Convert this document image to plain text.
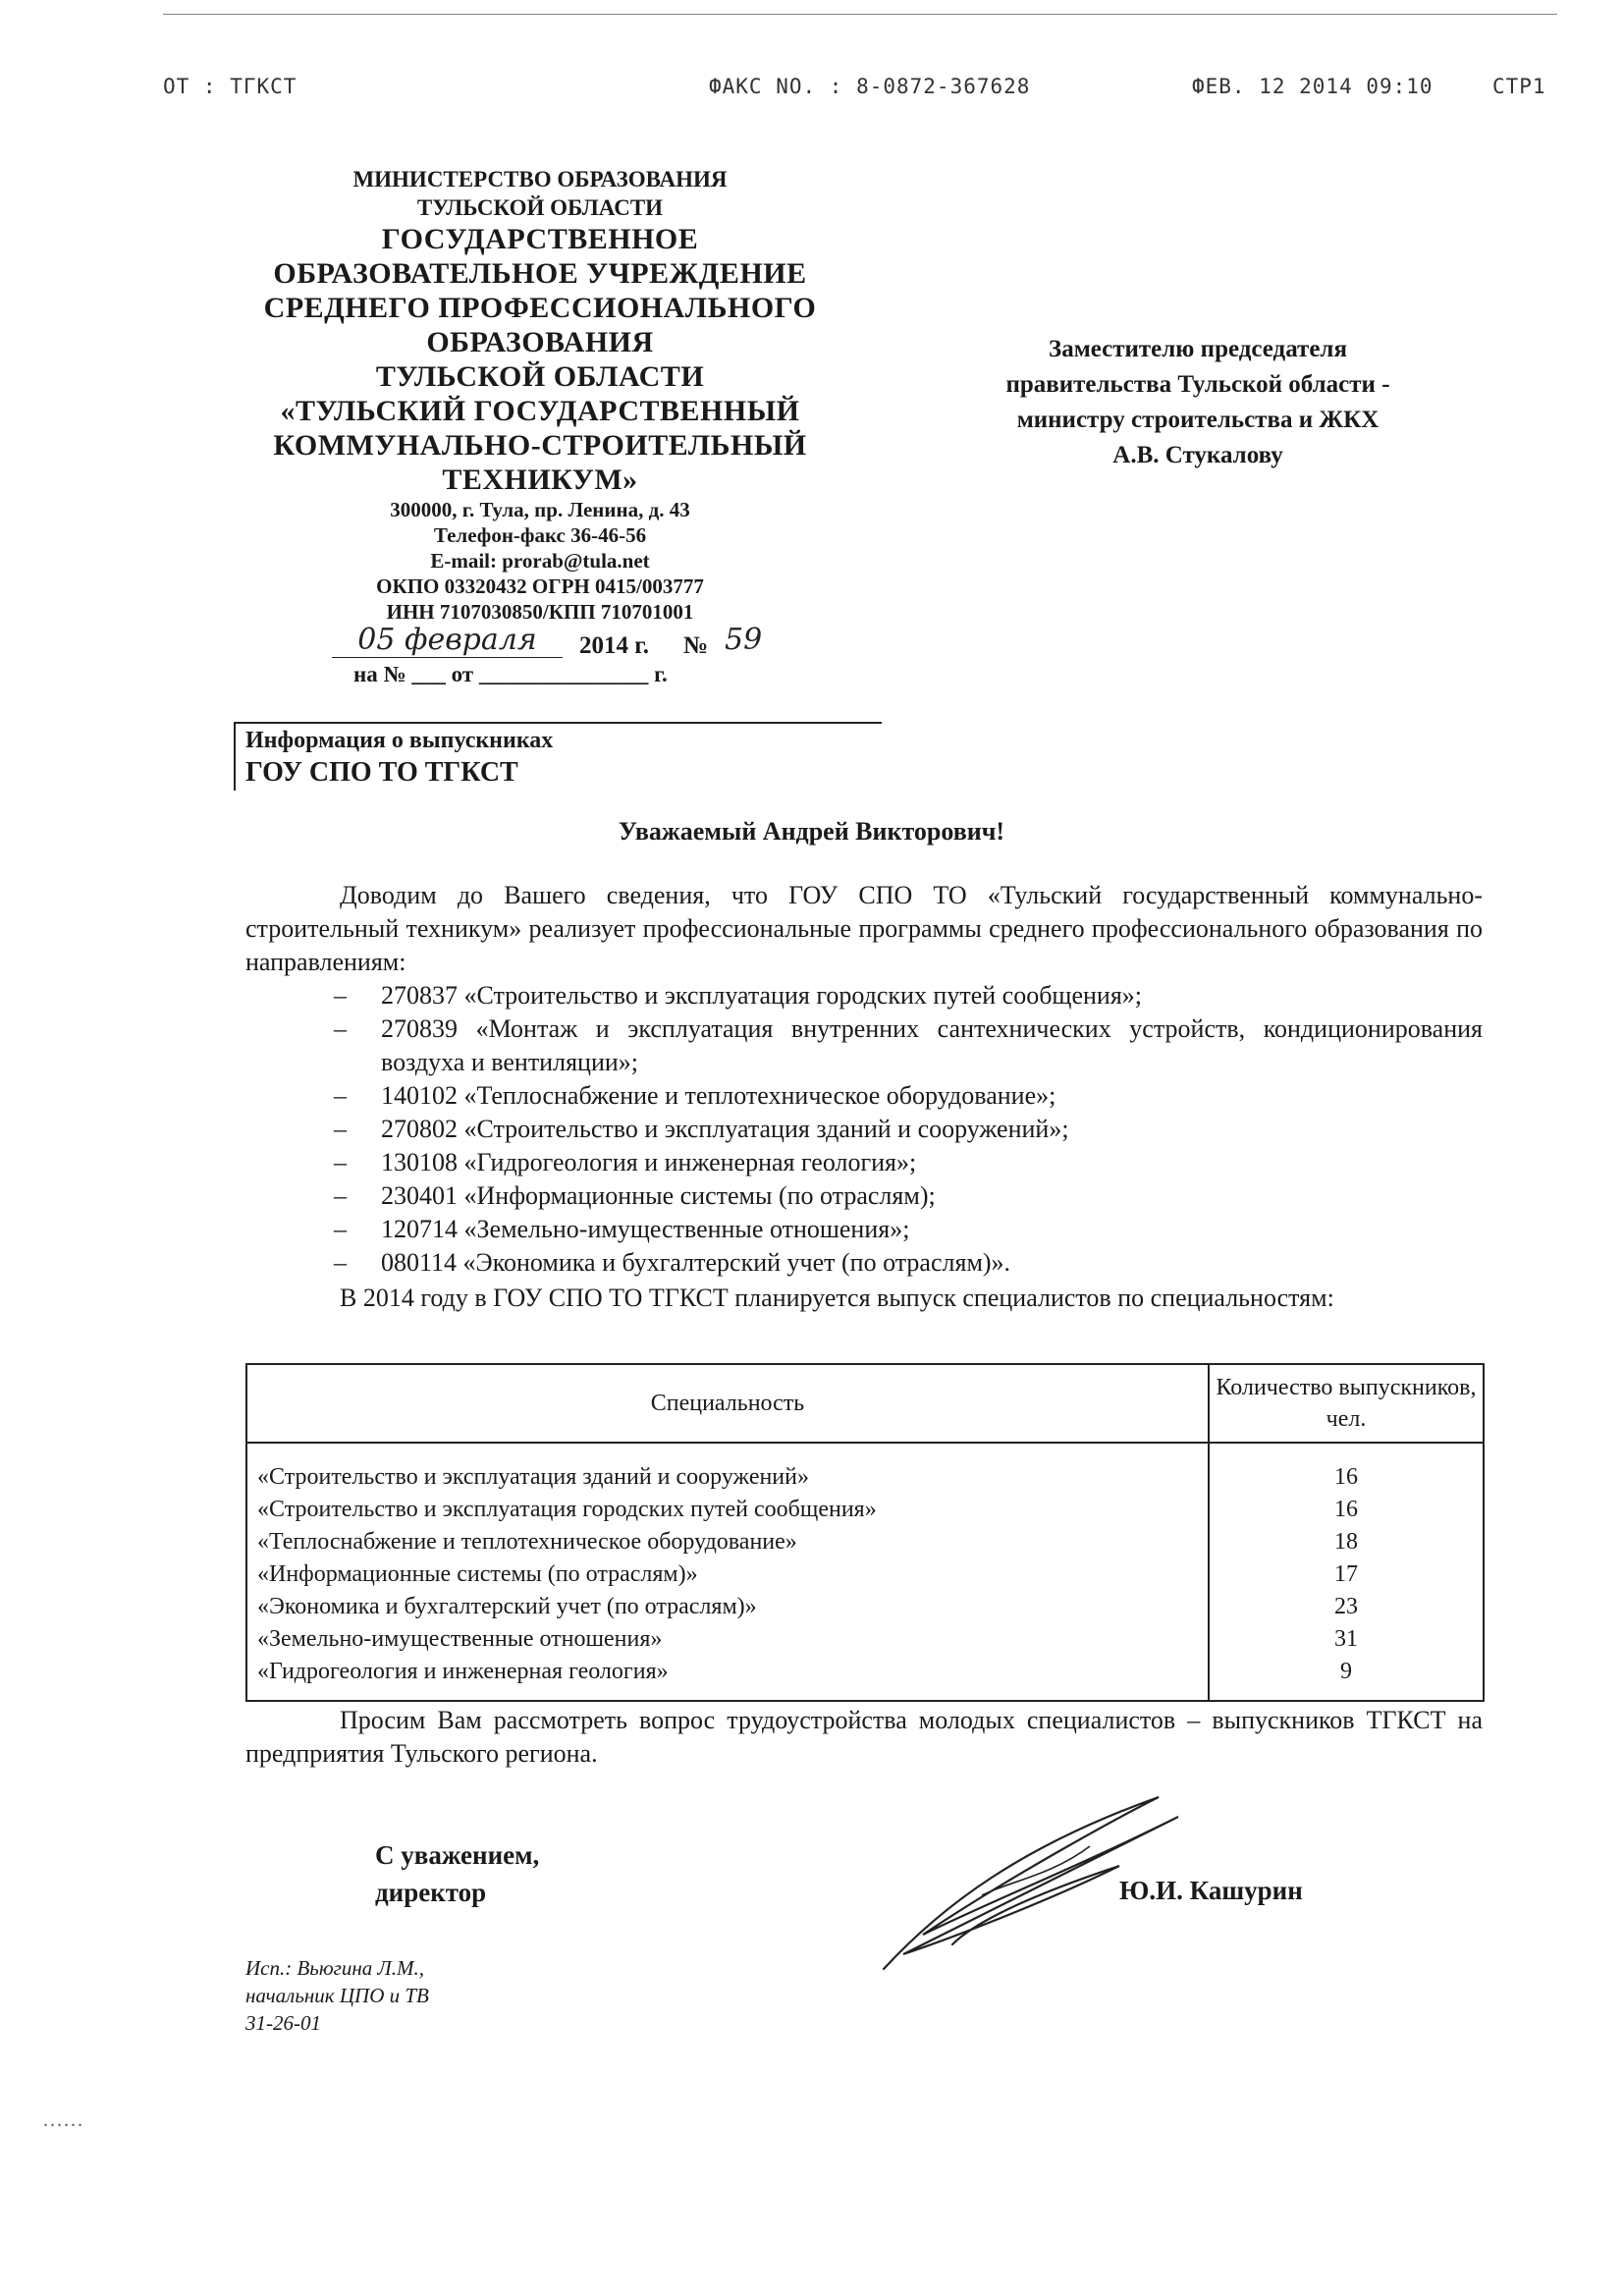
ОТ : ТГКСТ	ФАКС NO. : 8-0872-367628	ФЕВ. 12 2014 09:10	СТР1
МИНИСТЕРСТВО ОБРАЗОВАНИЯ
ТУЛЬСКОЙ ОБЛАСТИ
ГОСУДАРСТВЕННОЕ
ОБРАЗОВАТЕЛЬНОЕ УЧРЕЖДЕНИЕ
СРЕДНЕГО ПРОФЕССИОНАЛЬНОГО
ОБРАЗОВАНИЯ
ТУЛЬСКОЙ ОБЛАСТИ
«ТУЛЬСКИЙ ГОСУДАРСТВЕННЫЙ
КОММУНАЛЬНО-СТРОИТЕЛЬНЫЙ
ТЕХНИКУМ»
300000, г. Тула, пр. Ленина, д. 43
Телефон-факс 36-46-56
E-mail: prorab@tula.net
ОКПО 03320432 ОГРН 0415/003777
ИНН 7107030850/КПП 710701001
05 февраля	2014 г. № 59
на № ___ от _______________ г.
Заместителю председателя
правительства Тульской области -
министру строительства и ЖКХ
А.В. Стукалову
Информация о выпускниках
ГОУ СПО ТО ТГКСТ
Уважаемый Андрей Викторович!
Доводим до Вашего сведения, что ГОУ СПО ТО «Тульский государственный коммунально-строительный техникум» реализует профессиональные программы среднего профессионального образования по направлениям:
– 270837 «Строительство и эксплуатация городских путей сообщения»;
– 270839 «Монтаж и эксплуатация внутренних сантехнических устройств, кондиционирования воздуха и вентиляции»;
– 140102 «Теплоснабжение и теплотехническое оборудование»;
– 270802 «Строительство и эксплуатация зданий и сооружений»;
– 130108 «Гидрогеология и инженерная геология»;
– 230401 «Информационные системы (по отраслям);
– 120714 «Земельно-имущественные отношения»;
– 080114 «Экономика и бухгалтерский учет (по отраслям)».
В 2014 году в ГОУ СПО ТО ТГКСТ планируется выпуск специалистов по специальностям:
Специальность	Количество выпускников, чел.
«Строительство и эксплуатация зданий и сооружений»	16
«Строительство и эксплуатация городских путей сообщения»	16
«Теплоснабжение и теплотехническое оборудование»	18
«Информационные системы (по отраслям)»	17
«Экономика и бухгалтерский учет (по отраслям)»	23
«Земельно-имущественные отношения»	31
«Гидрогеология и инженерная геология»	9
Просим Вам рассмотреть вопрос трудоустройства молодых специалистов – выпускников ТГКСТ на предприятия Тульского региона.
С уважением,
директор	Ю.И. Кашурин
Исп.: Вьюгина Л.М.,
начальник ЦПО и ТВ
31-26-01
......
